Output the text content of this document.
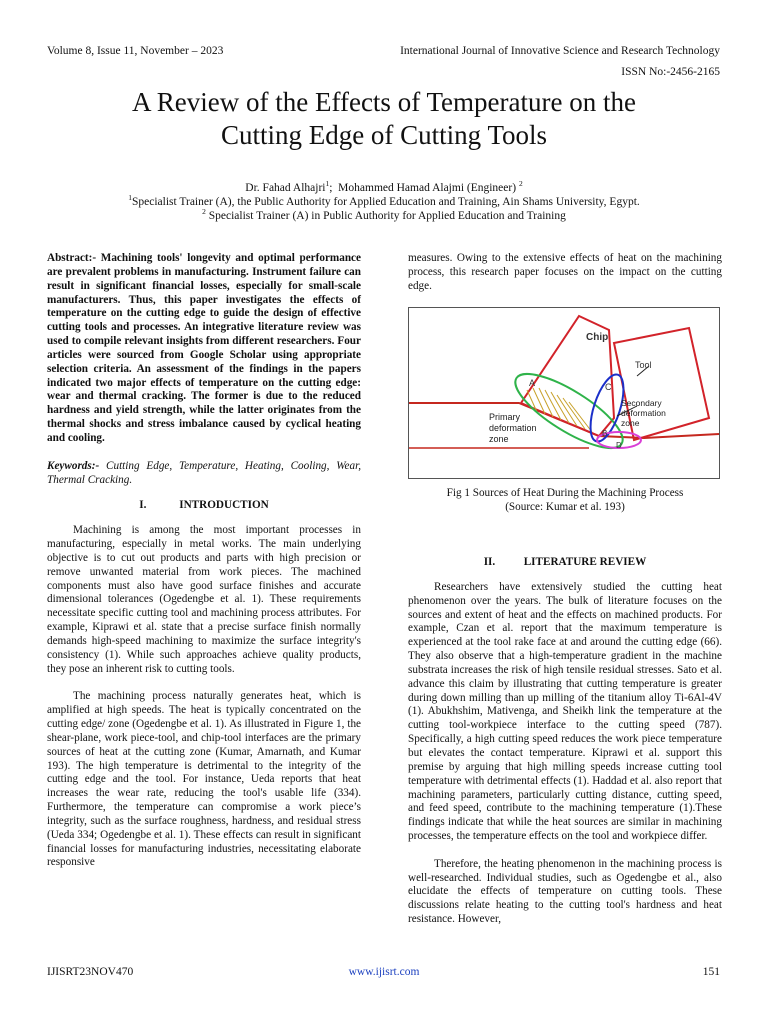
Volume 8, Issue 11, November – 2023	International Journal of Innovative Science and Research Technology
ISSN No:-2456-2165
A Review of the Effects of Temperature on the
Cutting Edge of Cutting Tools
Dr. Fahad Alhajri$^1$;  Mohammed Hamad Alajmi (Engineer) $^2$
$^1$Specialist Trainer (A), the Public Authority for Applied Education and Training, Ain Shams University, Egypt.
$^2$ Specialist Trainer (A) in Public Authority for Applied Education and Training

Abstract:- Machining tools' longevity and optimal performance are prevalent problems in manufacturing. Instrument failure can result in significant financial losses, especially for small-scale manufacturers. Thus, this paper investigates the effects of temperature on the cutting edge to guide the design of effective cutting tools and processes. An integrative literature review was used to compile relevant insights from different researchers. Four articles were sourced from Google Scholar using appropriate selection criteria. An assessment of the findings in the papers indicated two major effects of temperature on the cutting edge: wear and thermal cracking. The former is due to the reduced hardness and yield strength, while the latter originates from the thermal shocks and stress imbalance caused by cyclical heating and cooling.

Keywords:- Cutting Edge, Temperature, Heating, Cooling, Wear, Thermal Cracking.

I.	INTRODUCTION

Machining is among the most important processes in manufacturing, especially in metal works. The main underlying objective is to cut out products and parts with high precision or remove unwanted material from work pieces. The machined components must also have good surface finishes and accurate dimensional tolerances (Ogedengbe et al. 1). These requirements necessitate specific cutting tool and machining process attributes. For example, Kiprawi et al. state that a precise surface finish normally demands high-speed machining to maximize the surface integrity's consistency (1). While such approaches achieve quality products, they pose an inherent risk to cutting tools.

The machining process naturally generates heat, which is amplified at high speeds. The heat is typically concentrated on the cutting edge/ zone (Ogedengbe et al. 1). As illustrated in Figure 1, the shear-plane, work piece-tool, and chip-tool interfaces are the primary sources of heat at the cutting zone (Kumar, Amarnath, and Kumar 193). The high temperature is detrimental to the integrity of the cutting edge and the tool. For instance, Ueda reports that heat increases the wear rate, reducing the tool's usable life (334). Furthermore, the temperature can compromise a work piece’s integrity, such as the surface roughness, hardness, and residual stress (Ueda 334; Ogedengbe et al. 1). These effects can result in significant financial losses for manufacturing industries, necessitating elaborate responsive

measures. Owing to the extensive effects of heat on the machining process, this research paper focuses on the impact on the cutting edge.

Chip
Tool
A
B
C
D
Primary
deformation
zone
Secondary
deformation
zone
Fig 1 Sources of Heat During the Machining Process
(Source: Kumar et al. 193)
II.	LITERATURE REVIEW

Researchers have extensively studied the cutting heat phenomenon over the years. The bulk of literature focuses on the sources and extent of heat and the effects on machined products. For example, Czan et al. report that the maximum temperature is experienced at the tool rake face at and around the cutting edge (66). They also observe that a high-temperature gradient in the machine substrata increases the risk of high tensile residual stresses. Sato et al. advance this claim by illustrating that cutting temperature is greater during down milling than up milling of the titanium alloy Ti-6Al-4V (1). Abukhshim, Mativenga, and Sheikh link the temperature at the cutting tool-workpiece interface to the cutting speed (787). Specifically, a high cutting speed reduces the work piece temperature but elevates the contact temperature. Kiprawi et al. support this premise by arguing that high milling speeds increase cutting tool temperature with detrimental effects (1). Haddad et al. also report that machining parameters, particularly cutting distance, cutting speed, and feed speed, contribute to the machining temperature (1).These findings indicate that while the heat sources are similar in machining processes, the temperature effects on the tool and workpiece differ.

Therefore, the heating phenomenon in the machining process is well-researched. Individual studies, such as Ogedengbe et al., also elucidate the effects of temperature on cutting tools. These discussions relate heating to the cutting tool's hardness and heat resistance. However,

IJISRT23NOV470	www.ijisrt.com	151
